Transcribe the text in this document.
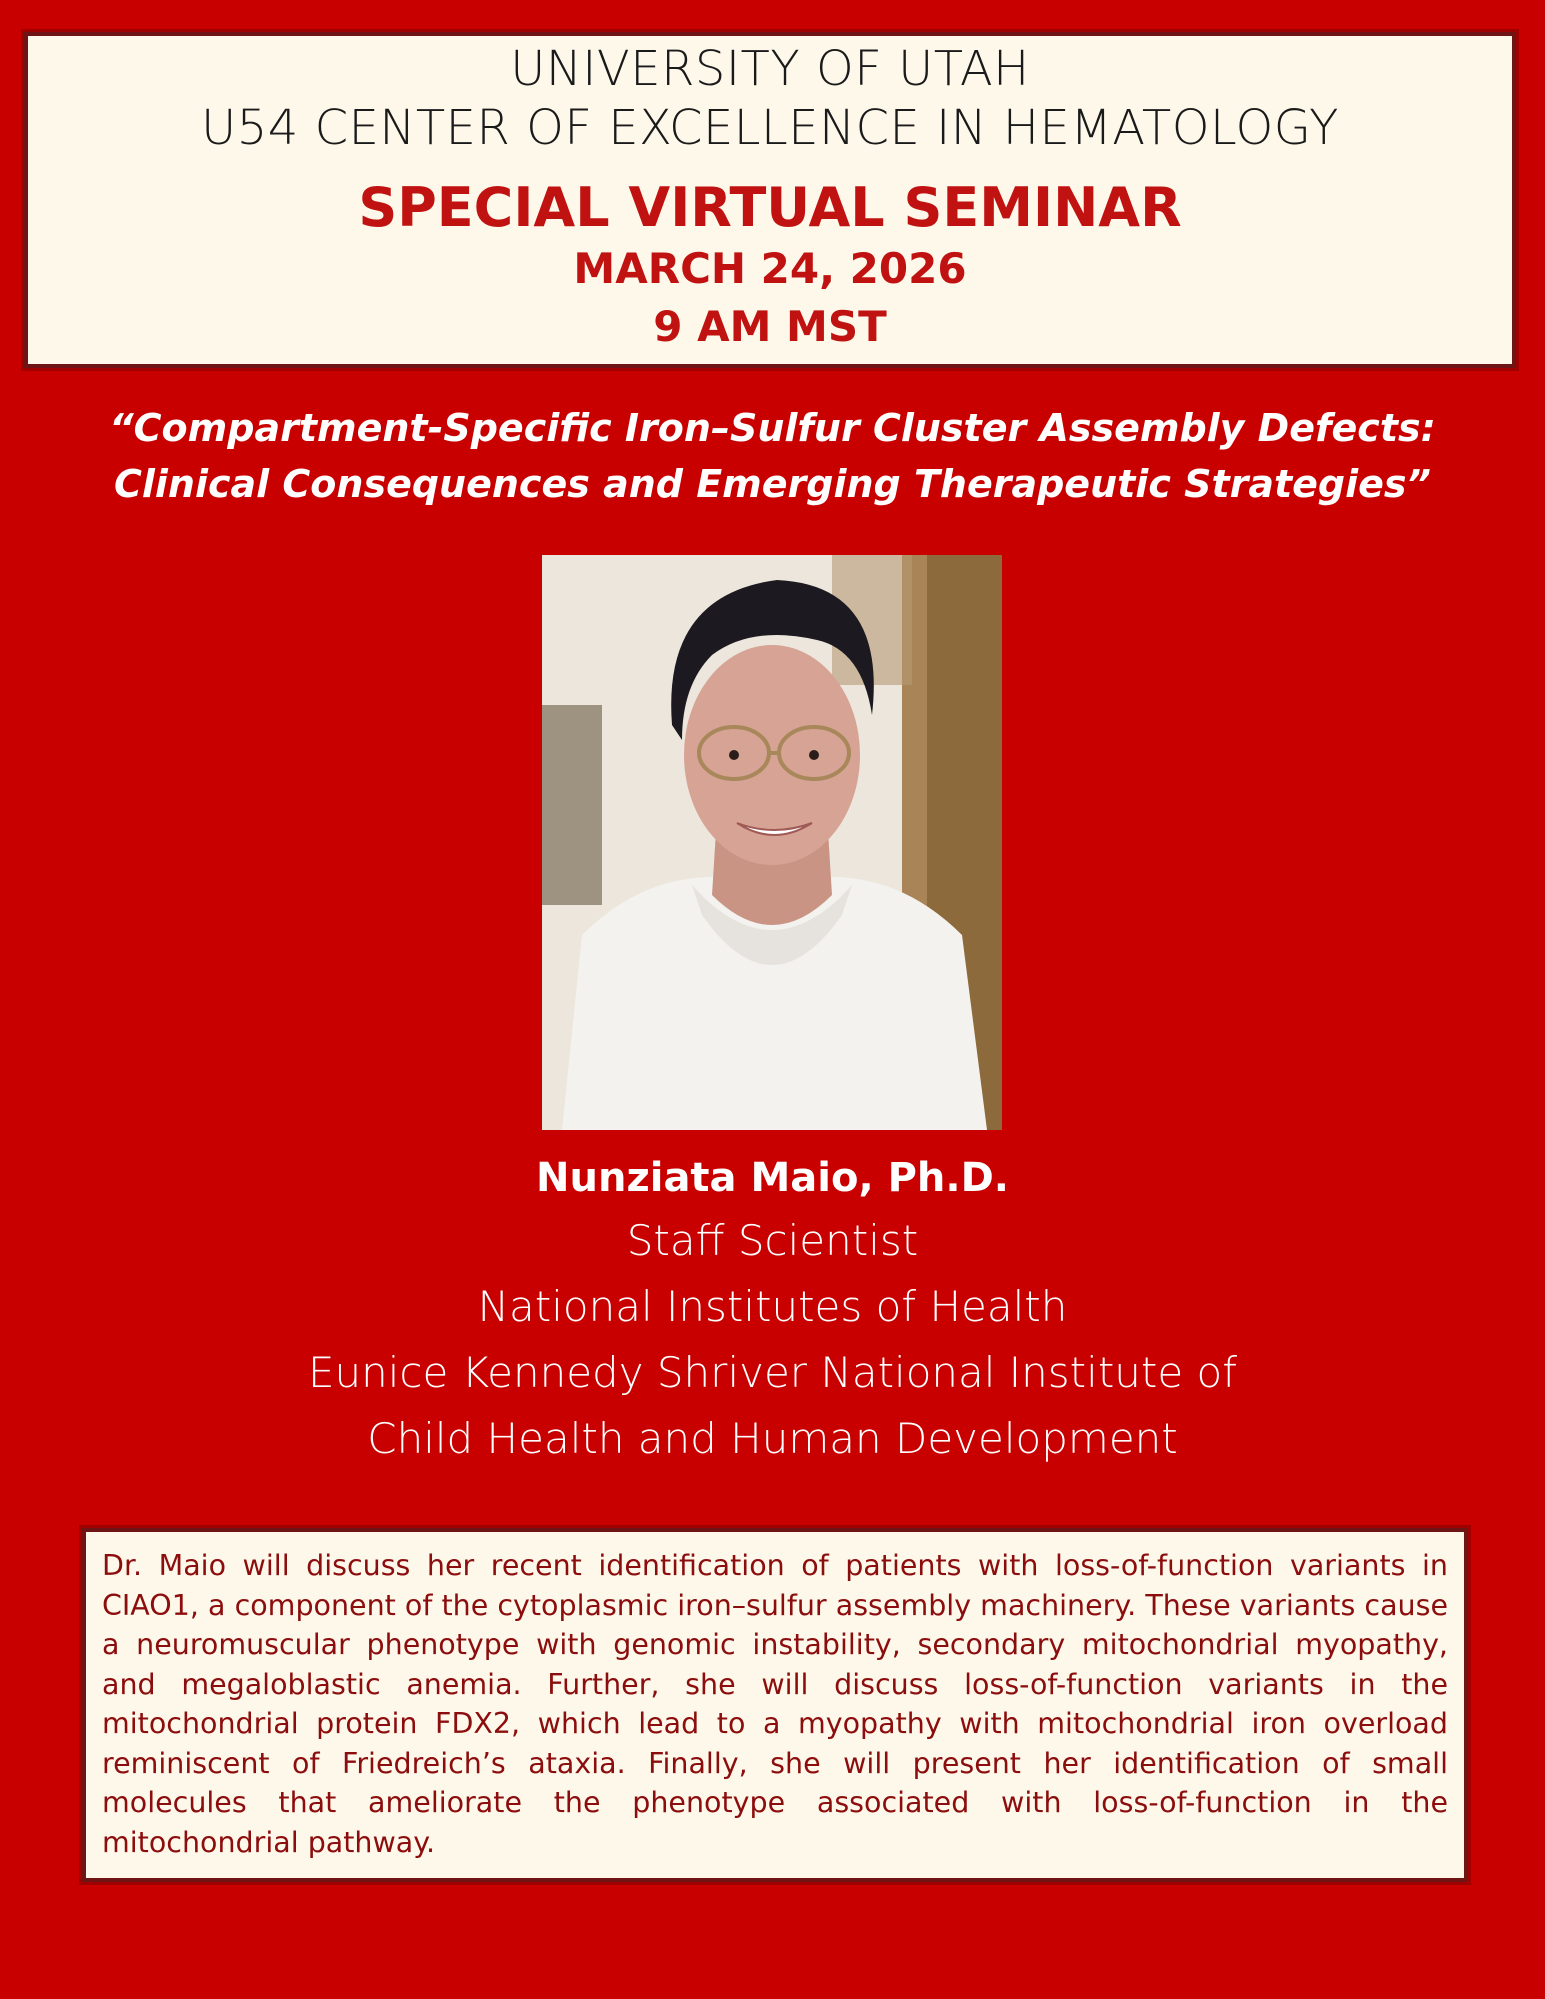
UNIVERSITY OF UTAH
U54 CENTER OF EXCELLENCE IN HEMATOLOGY
SPECIAL VIRTUAL SEMINAR
MARCH 24, 2026
9 AM MST
“Compartment-Specific Iron–Sulfur Cluster Assembly Defects:
Clinical Consequences and Emerging Therapeutic Strategies”
Nunziata Maio, Ph.D.
Staff Scientist
National Institutes of Health
Eunice Kennedy Shriver National Institute of
Child Health and Human Development

Dr. Maio will discuss her recent identification of patients with loss-of-function variants in CIAO1, a component of the cytoplasmic iron–sulfur assembly machinery. These variants cause a neuromuscular phenotype with genomic instability, secondary mitochondrial myopathy, and megaloblastic anemia. Further, she will discuss loss-of-function variants in the mitochondrial protein FDX2, which lead to a myopathy with mitochondrial iron overload reminiscent of Friedreich’s ataxia. Finally, she will present her identification of small molecules that ameliorate the phenotype associated with loss-of-function in the mitochondrial pathway.
